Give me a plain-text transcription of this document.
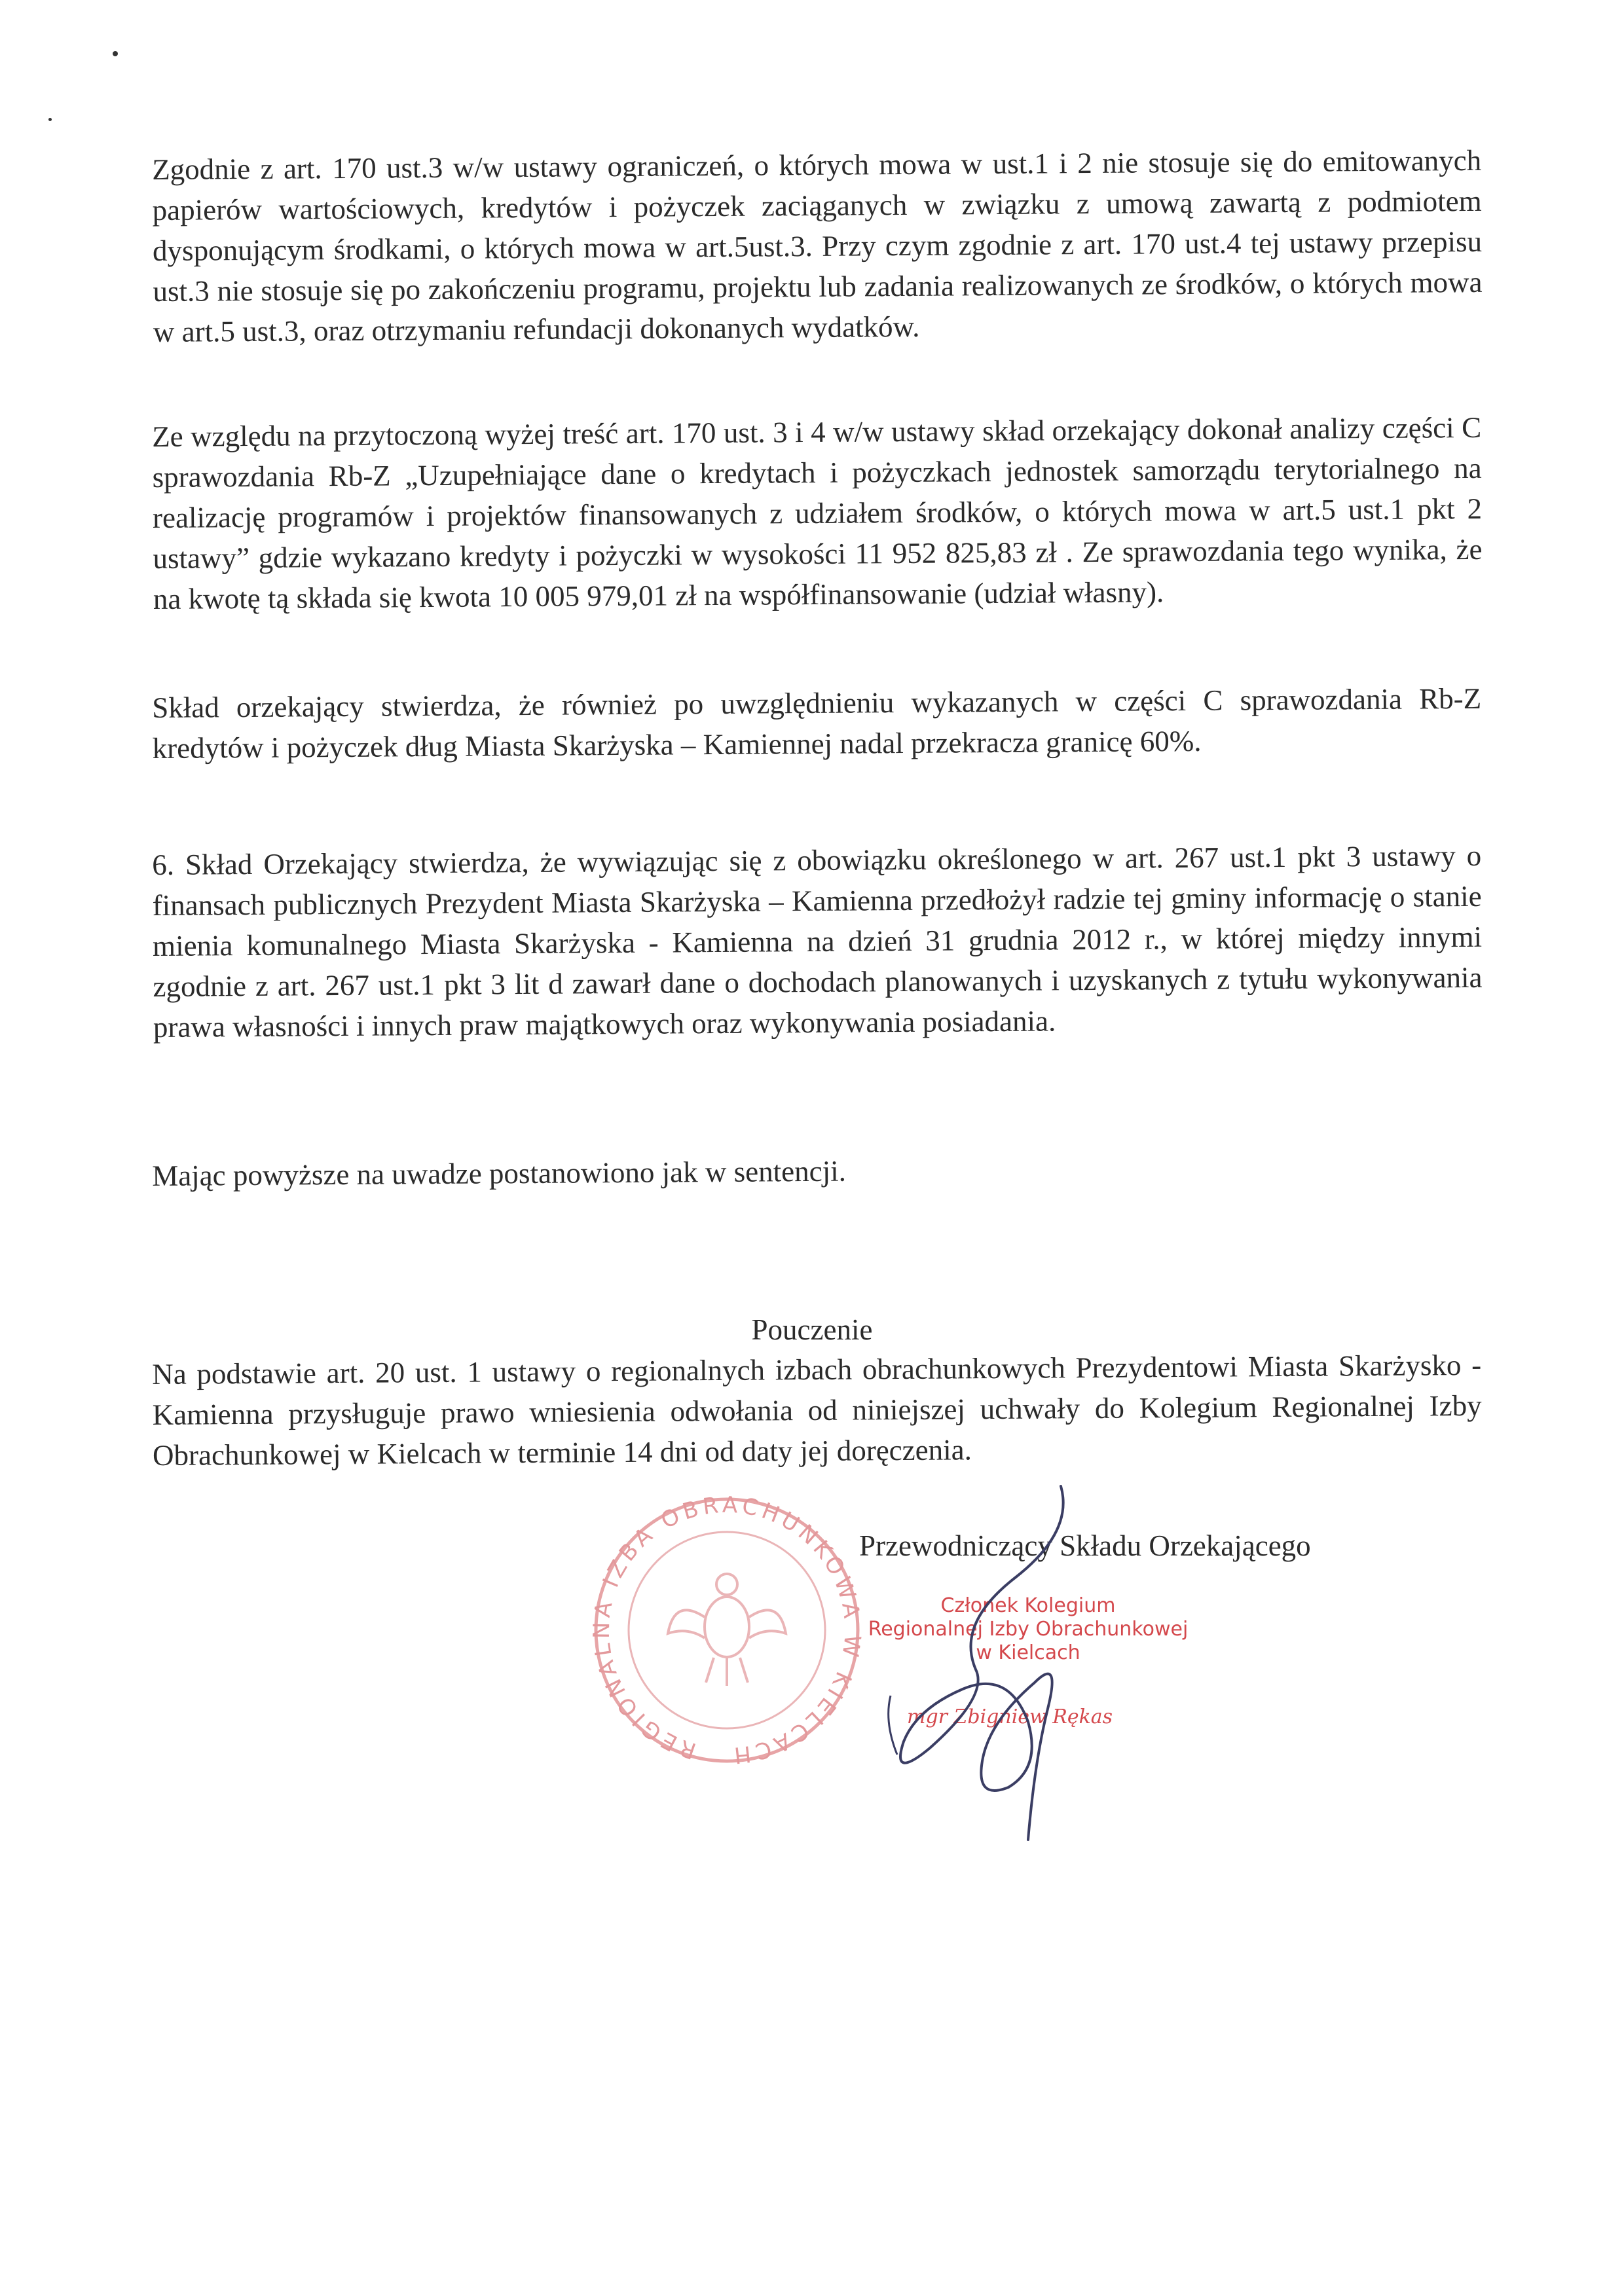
Zgodnie z art. 170 ust.3 w/w ustawy ograniczeń, o których mowa w ust.1 i 2 nie stosuje się do emitowanych papierów wartościowych, kredytów i pożyczek zaciąganych w związku z umową zawartą z podmiotem dysponującym środkami, o których mowa w art.5ust.3. Przy czym zgodnie z art. 170 ust.4 tej ustawy przepisu ust.3 nie stosuje się po zakończeniu programu, projektu lub zadania realizowanych ze środków, o których mowa w art.5 ust.3, oraz otrzymaniu refundacji dokonanych wydatków.

Ze względu na przytoczoną wyżej treść art. 170 ust. 3 i 4 w/w ustawy skład orzekający dokonał analizy części C sprawozdania Rb-Z „Uzupełniające dane o kredytach i pożyczkach jednostek samorządu terytorialnego na realizację programów i projektów finansowanych z udziałem środków, o których mowa w art.5 ust.1 pkt 2 ustawy” gdzie wykazano kredyty i pożyczki w wysokości 11 952 825,83 zł . Ze sprawozdania tego wynika, że na kwotę tą składa się kwota 10 005 979,01 zł na współfinansowanie (udział własny).

Skład orzekający stwierdza, że również po uwzględnieniu wykazanych w części C sprawozdania Rb-Z kredytów i pożyczek dług Miasta Skarżyska – Kamiennej nadal przekracza granicę 60%.

6. Skład Orzekający stwierdza, że wywiązując się z obowiązku określonego w art. 267 ust.1 pkt 3 ustawy o finansach publicznych Prezydent Miasta Skarżyska – Kamienna przedłożył radzie tej gminy informację o stanie mienia komunalnego Miasta Skarżyska - Kamienna na dzień 31 grudnia 2012 r., w której między innymi zgodnie z art. 267 ust.1 pkt 3 lit d zawarł dane o dochodach planowanych i uzyskanych z tytułu wykonywania prawa własności i innych praw majątkowych oraz wykonywania posiadania.

Mając powyższe na uwadze postanowiono jak w sentencji.

Pouczenie

Na podstawie art. 20 ust. 1 ustawy o regionalnych izbach obrachunkowych Prezydentowi Miasta Skarżysko - Kamienna przysługuje prawo wniesienia odwołania od niniejszej uchwały do Kolegium Regionalnej Izby Obrachunkowej w Kielcach w terminie 14 dni od daty jej doręczenia.

REGIONALNA IZBA OBRACHUNKOWA W KIELCACH
Przewodniczący Składu Orzekającego
Członek Kolegium
Regionalnej Izby Obrachunkowej
w Kielcach
mgr Zbigniew Rękas
